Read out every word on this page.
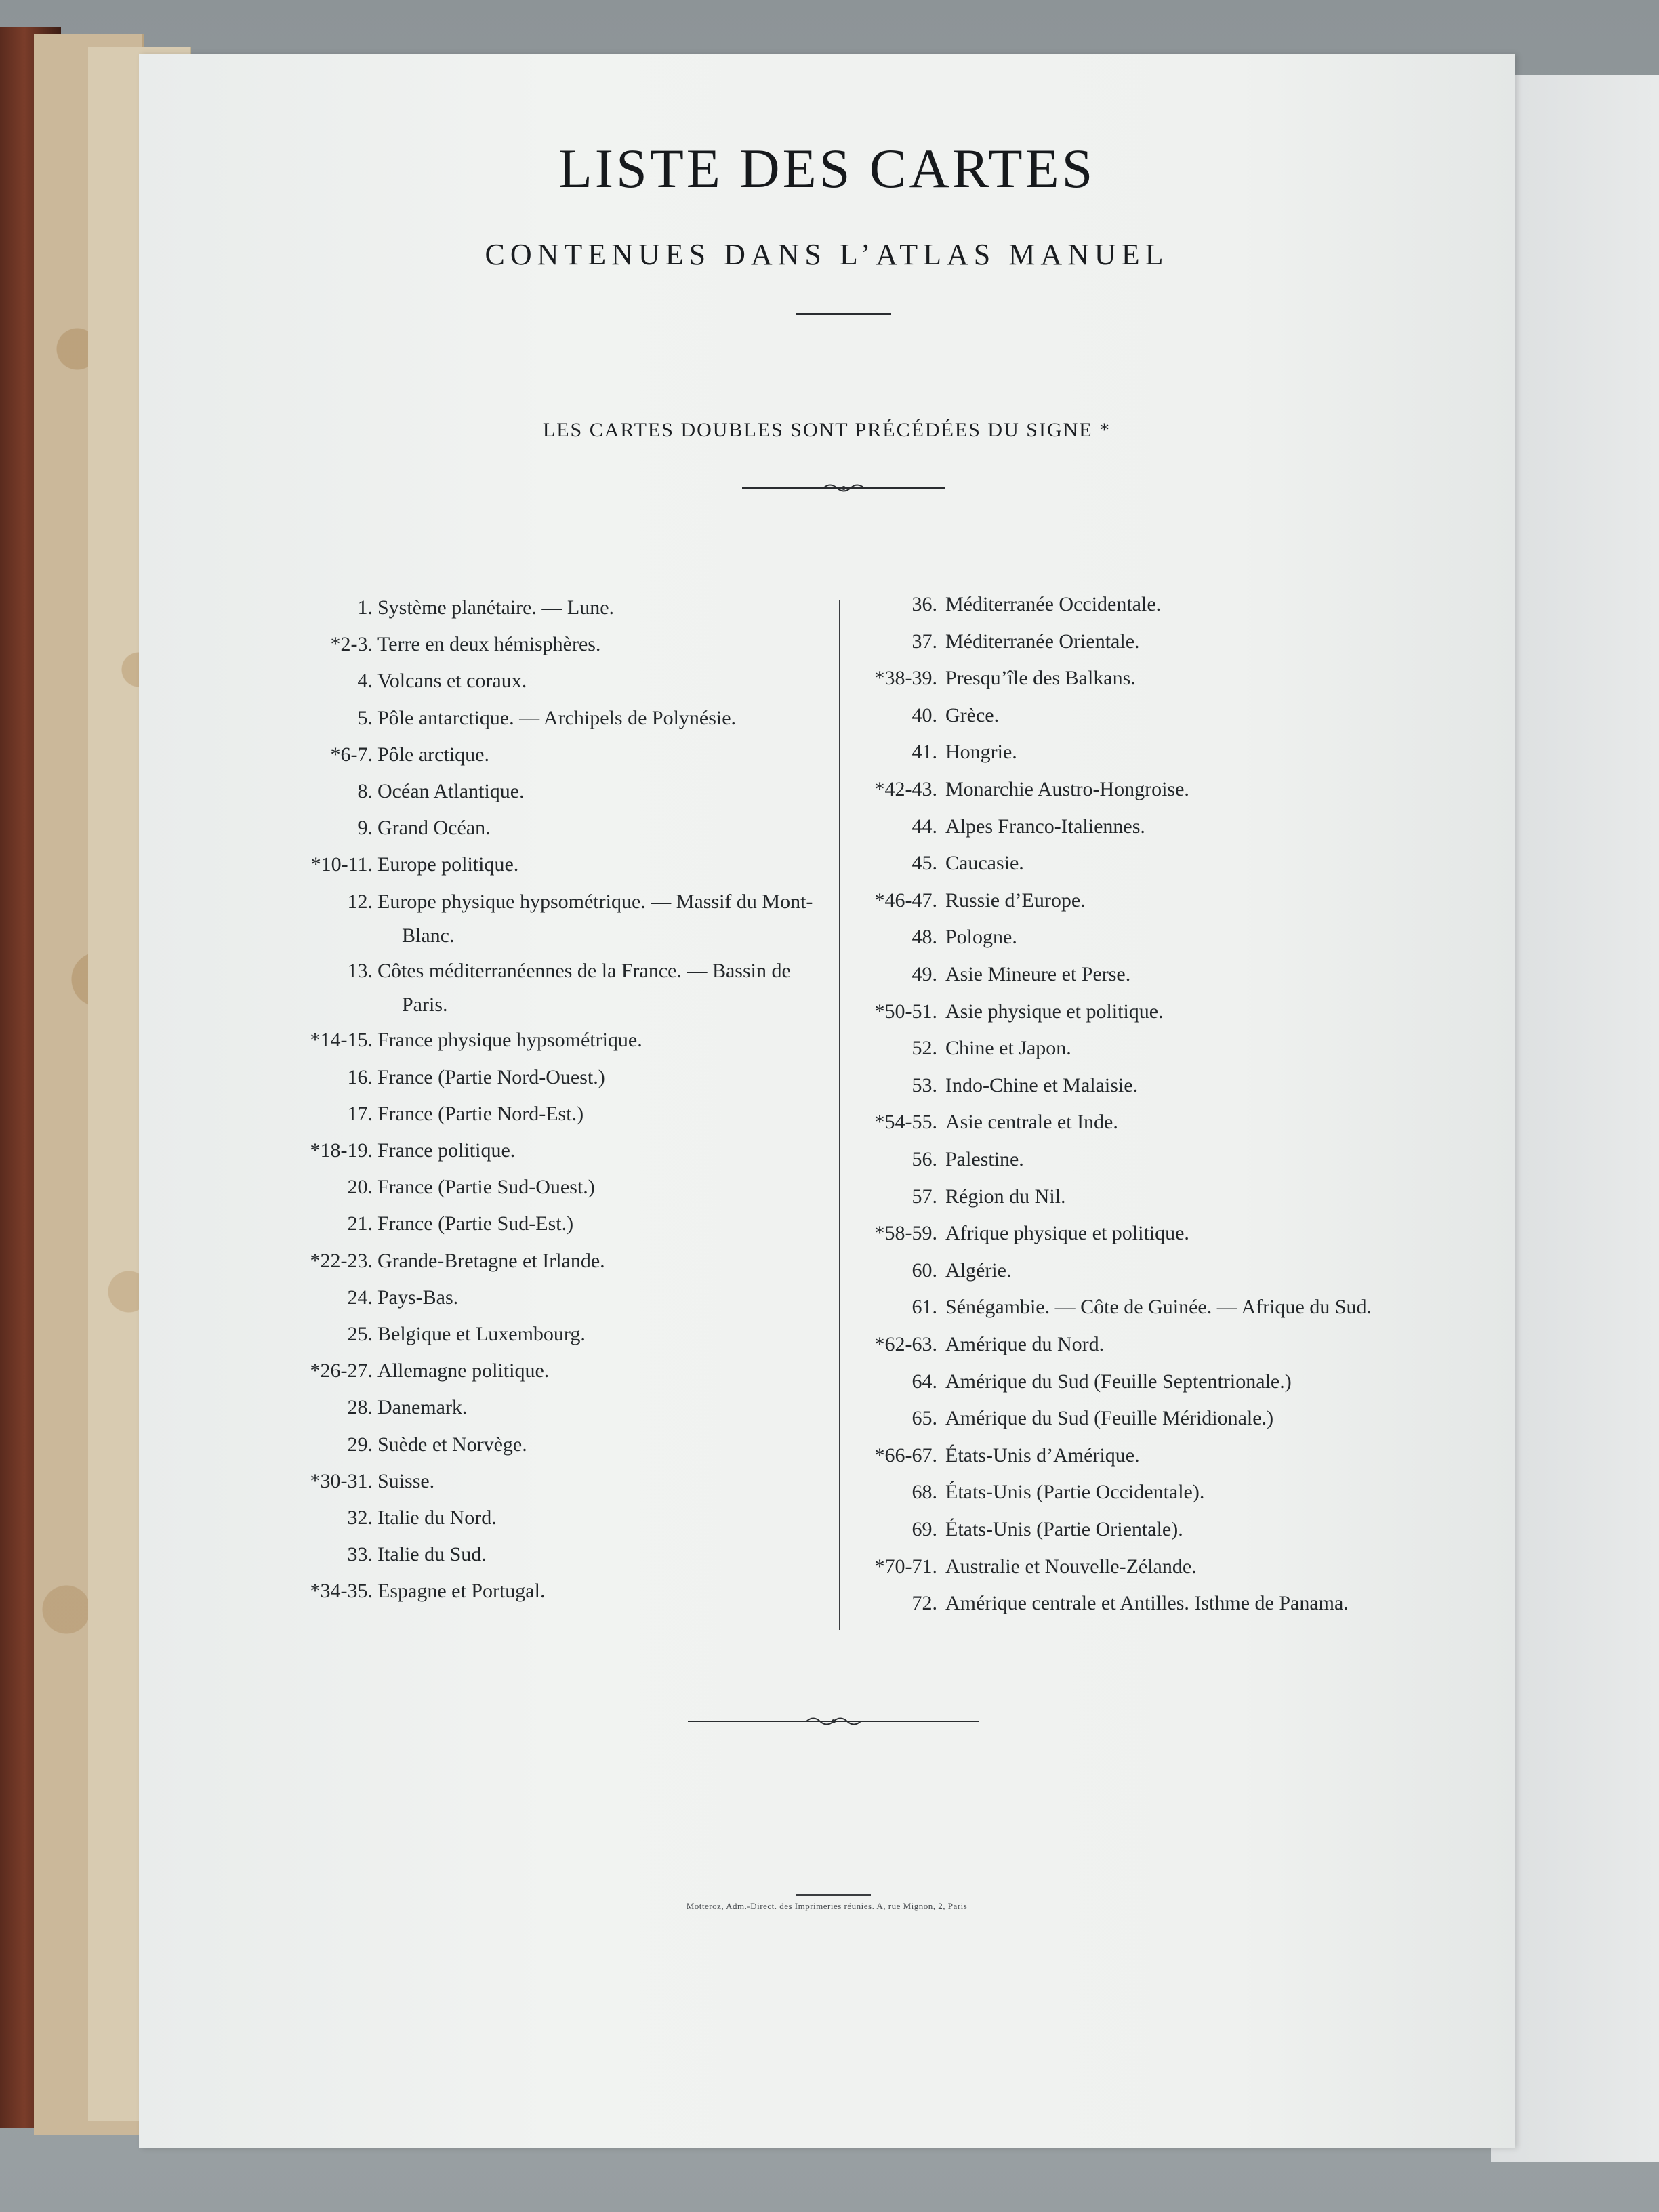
LISTE DES CARTES
CONTENUES DANS L’ATLAS MANUEL
LES CARTES DOUBLES SONT PRÉCÉDÉES DU SIGNE *
1. Système planétaire. — Lune.
*2-3. Terre en deux hémisphères.
4. Volcans et coraux.
5. Pôle antarctique. — Archipels de Polynésie.
*6-7. Pôle arctique.
8. Océan Atlantique.
9. Grand Océan.
*10-11. Europe politique.
12. Europe physique hypsométrique. — Massif du Mont-
Blanc.
13. Côtes méditerranéennes de la France. — Bassin de
Paris.
*14-15. France physique hypsométrique.
16. France (Partie Nord-Ouest.)
17. France (Partie Nord-Est.)
*18-19. France politique.
20. France (Partie Sud-Ouest.)
21. France (Partie Sud-Est.)
*22-23. Grande-Bretagne et Irlande.
24. Pays-Bas.
25. Belgique et Luxembourg.
*26-27. Allemagne politique.
28. Danemark.
29. Suède et Norvège.
*30-31. Suisse.
32. Italie du Nord.
33. Italie du Sud.
*34-35. Espagne et Portugal.
36. Méditerranée Occidentale.
37. Méditerranée Orientale.
*38-39. Presqu’île des Balkans.
40. Grèce.
41. Hongrie.
*42-43. Monarchie Austro-Hongroise.
44. Alpes Franco-Italiennes.
45. Caucasie.
*46-47. Russie d’Europe.
48. Pologne.
49. Asie Mineure et Perse.
*50-51. Asie physique et politique.
52. Chine et Japon.
53. Indo-Chine et Malaisie.
*54-55. Asie centrale et Inde.
56. Palestine.
57. Région du Nil.
*58-59. Afrique physique et politique.
60. Algérie.
61. Sénégambie. — Côte de Guinée. — Afrique du Sud.
*62-63. Amérique du Nord.
64. Amérique du Sud (Feuille Septentrionale.)
65. Amérique du Sud (Feuille Méridionale.)
*66-67. États-Unis d’Amérique.
68. États-Unis (Partie Occidentale).
69. États-Unis (Partie Orientale).
*70-71. Australie et Nouvelle-Zélande.
72. Amérique centrale et Antilles. Isthme de Panama.
Motteroz, Adm.-Direct. des Imprimeries réunies. A, rue Mignon, 2, Paris
